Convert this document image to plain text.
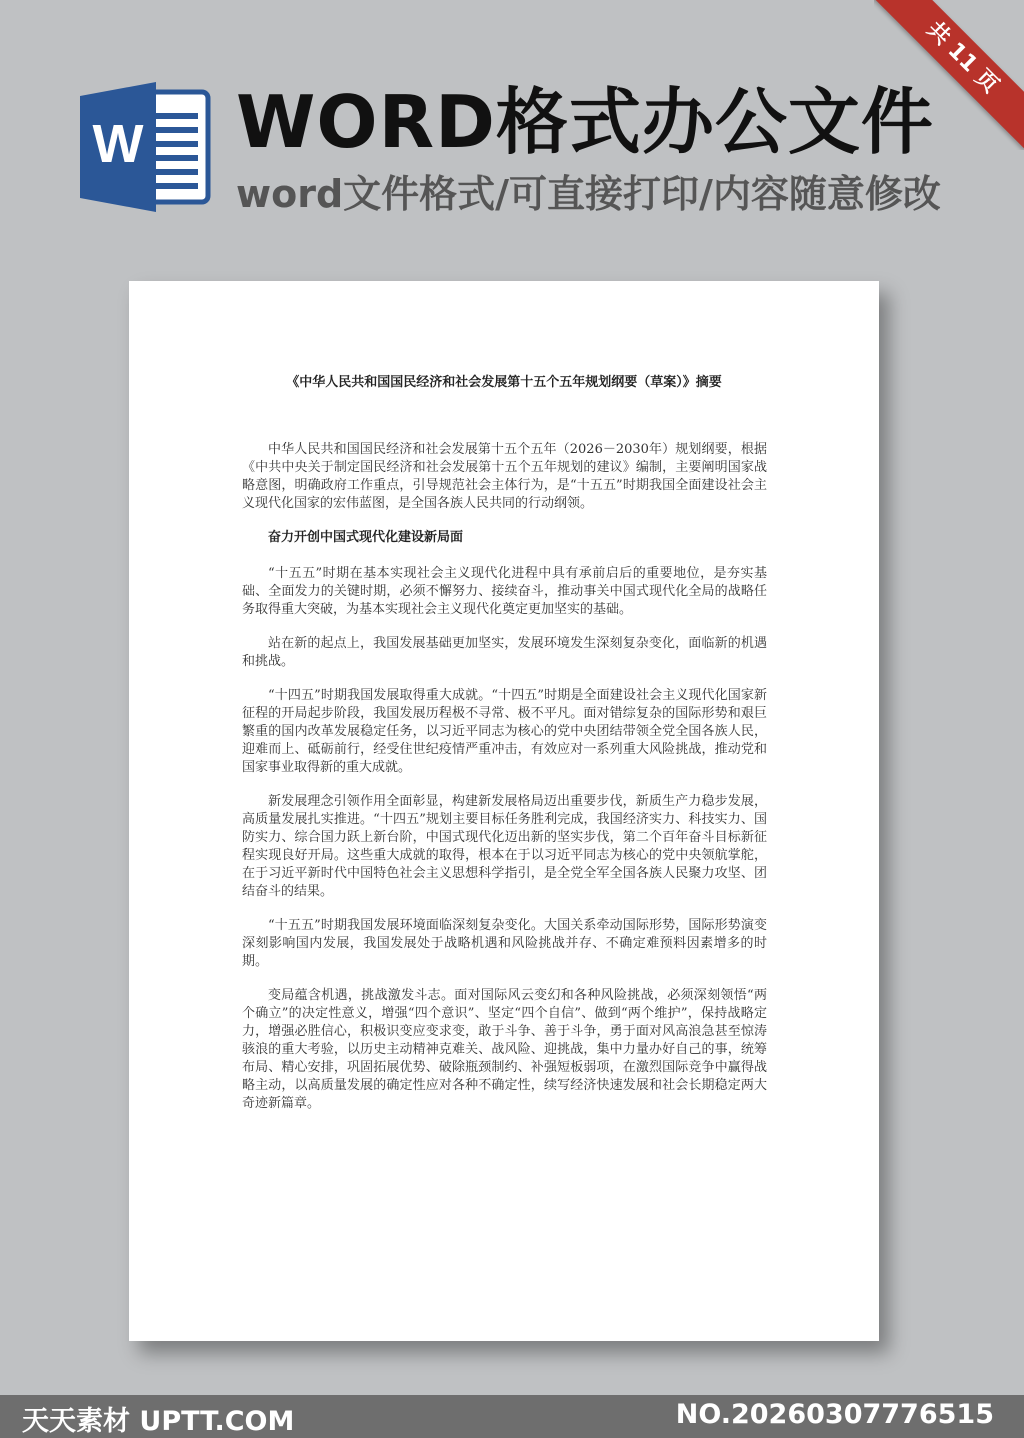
共 11 页
W WORD格式办公文件
word文件格式/可直接打印/内容随意修改
《中华人民共和国国民经济和社会发展第十五个五年规划纲要（草案）》摘要

中华人民共和国国民经济和社会发展第十五个五年（2026－2030年）规划纲要，根据《中共中央关于制定国民经济和社会发展第十五个五年规划的建议》编制，主要阐明国家战略意图，明确政府工作重点，引导规范社会主体行为，是“十五五”时期我国全面建设社会主义现代化国家的宏伟蓝图，是全国各族人民共同的行动纲领。

奋力开创中国式现代化建设新局面

“十五五”时期在基本实现社会主义现代化进程中具有承前启后的重要地位，是夯实基础、全面发力的关键时期，必须不懈努力、接续奋斗，推动事关中国式现代化全局的战略任务取得重大突破，为基本实现社会主义现代化奠定更加坚实的基础。

站在新的起点上，我国发展基础更加坚实，发展环境发生深刻复杂变化，面临新的机遇和挑战。

“十四五”时期我国发展取得重大成就。“十四五”时期是全面建设社会主义现代化国家新征程的开局起步阶段，我国发展历程极不寻常、极不平凡。面对错综复杂的国际形势和艰巨繁重的国内改革发展稳定任务，以习近平同志为核心的党中央团结带领全党全国各族人民，迎难而上、砥砺前行，经受住世纪疫情严重冲击，有效应对一系列重大风险挑战，推动党和国家事业取得新的重大成就。

新发展理念引领作用全面彰显，构建新发展格局迈出重要步伐，新质生产力稳步发展，高质量发展扎实推进。“十四五”规划主要目标任务胜利完成，我国经济实力、科技实力、国防实力、综合国力跃上新台阶，中国式现代化迈出新的坚实步伐，第二个百年奋斗目标新征程实现良好开局。这些重大成就的取得，根本在于以习近平同志为核心的党中央领航掌舵，在于习近平新时代中国特色社会主义思想科学指引，是全党全军全国各族人民聚力攻坚、团结奋斗的结果。

“十五五”时期我国发展环境面临深刻复杂变化。大国关系牵动国际形势，国际形势演变深刻影响国内发展，我国发展处于战略机遇和风险挑战并存、不确定难预料因素增多的时期。

变局蕴含机遇，挑战激发斗志。面对国际风云变幻和各种风险挑战，必须深刻领悟“两个确立”的决定性意义，增强“四个意识”、坚定“四个自信”、做到“两个维护”，保持战略定力，增强必胜信心，积极识变应变求变，敢于斗争、善于斗争，勇于面对风高浪急甚至惊涛骇浪的重大考验，以历史主动精神克难关、战风险、迎挑战，集中力量办好自己的事，统筹布局、精心安排，巩固拓展优势、破除瓶颈制约、补强短板弱项，在激烈国际竞争中赢得战略主动，以高质量发展的确定性应对各种不确定性，续写经济快速发展和社会长期稳定两大奇迹新篇章。

天天素材 UPTT.COM	NO.20260307776515
